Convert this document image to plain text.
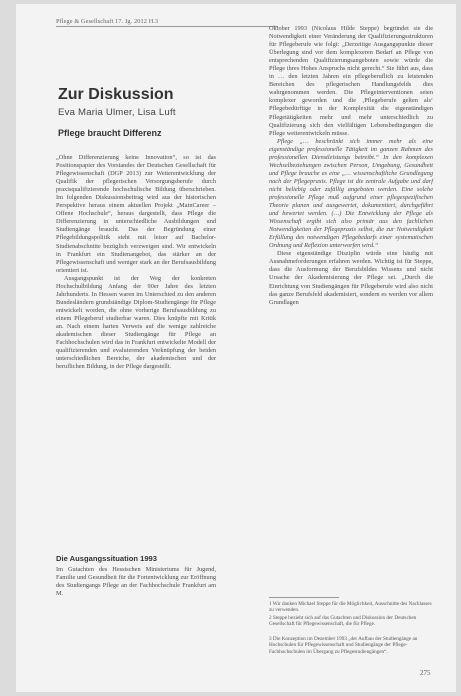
Pflege & Gesellschaft 17. Jg. 2012 H.3
Zur Diskussion
Eva Maria Ulmer, Lisa Luft
Pflege braucht Differenz

„Ohne Differenzierung keine Innovation“, so ist das Positionspapier des Vorstandes der Deutschen Gesellschaft für Pflegewissenschaft (DGP 2013) zur Weiterentwicklung der Qualifik der pflegerischen Versorgungsberufe durch praxisqualifizierende hochschulische Bildung überschrieben. Im folgenden Diskussionsbeitrag wird aus der historischen Perspektive heraus einem aktuellen Projekt „MainCareer – Offene Hochschule“, heraus dargestellt, dass Pflege die Differenzierung in unterschiedliche Ausbildungen und Studiengänge braucht. Das der Begründung einer Pflegebildungspolitik steht mit leiser auf Bachelor-Studienabschnitte bezüglich verzweigen sind. Wir entwickeln in Frankfurt ein Studienangebot, das stärker an der Pflegewissenschaft und weniger stark an der Berufsausbildung orientiert ist.

Ausgangspunkt ist der Weg der konkreten Hochschulbildung Anfang der 90er Jahre des letzten Jahrhunderts. In Hessen waren im Unterschied zu den anderen Bundesländern grundständige Diplom-Studiengänge für Pflege entwickelt worden, die ohne vorherige Berufsausbildung zu einem Pflegeberuf studierbar waren. Dies knüpfte mit Kritik an. Nach einem harten Verweis auf die wenige zahlreiche akademischen dieser Studiengänge für Pflege an Fachhochschulen wird das in Frankfurt entwickelte Modell der qualifizierenden und evaluierenden Verknüpfung der beiden unterschiedlichen Bereiche, der akademischen und der beruflichen Bildung, in der Pflege dargestellt.

Die Ausgangssituation 1993
Im Gutachten des Hessischen Ministeriums für Jugend, Familie und Gesundheit für die Fortentwicklung zur Eröffnung des Studiengangs Pflege an der Fachhochschule Frankfurt am M.

Oktober 1993 (Nicolaus Hilde Steppe) begründet sie die Notwendigkeit einer Veränderung der Qualifizierungsstrukturen für Pflegeberufe wie folgt: „Derzeitige Ausgangspunkte dieser Überlegung sind vor dem komplexeren Bedarf an Pflege von entsprechenden Qualifizierungsangeboten sowie würde die Pflege ihres Hohes Anspruchs nicht gerecht.“ Sie führt aus, dass in … den letzten Jahren ein pflegeberuflich zu leistenden Bereichen des pflegerischen Handlungsfelds dies wahrgenommen werden. Die Pflegeinterventionen seien komplexer geworden und die ‚Pflegeberufe gelten als‘ Pflegebedürftige in der Komplexität die eigenständigen Pflegetätigkeiten mehr und mehr unterschiedlich zu Qualifizierung sich den vielfältigen Lebensbedingungen die Pflege weiterentwickeln müsse.

Pflege „… beschränkt sich immer mehr als eine eigenständige professionelle Tätigkeit im ganzen Rahmen des professionellen Dienstleistungs betreibt.“ In den komplexen Wechselbeziehungen zwischen Person, Umgebung, Gesundheit und Pflege brauche es eine „… wissenschaftliche Grundlegung nach der Pflegepraxis. Pflege ist die zentrale Aufgabe und darf nicht beliebig oder zufällig angeboten werden. Eine solche professionelle Pflege muß aufgrund einer pflegespezifischen Theorie planen und ausgewertet, dokumentiert, durchgeführt und bewertet werden. (…) Die Entwicklung der Pflege als Wissenschaft ergibt sich also primär aus den fachlichen Notwendigkeiten der Pflegepraxis selbst, die zur Notwendigkeit Erfüllung des notwendigen Pflegebedarfs einer systematischen Ordnung und Reflexion unterworfen wird.“

Diese eigenständige Disziplin würde eine häufig mit Ausnahmeforderungen erfahren werden. Wichtig ist für Steppe, dass die Ausformung der Berufsbildes Wissens und nicht Ursache der Akademisierung der Pflege sei. „Durch die Einrichtung von Studiengängen für Pflegeberufe wird also nicht das ganze Berufsfeld akademisiert, sondern es werden vor allem Grundlagen

1 Wir danken Michael Steppe für die Möglichkeit, Ausschnitte des Nachlasses zu verwenden.
2 Steppe bezieht sich auf das Gutachten und Diskussion der Deutschen Gesellschaft für Pflegewissenschaft, die für Pflege.
3 Die Konzeption im Dezember 1993 „der Aufbau der Studiengänge an Hochschulen für Pflegewissenschaft und Studiengänge der Pflege-Fachhochschulen im Übergang zu Pflegestudiengängen“.
275
